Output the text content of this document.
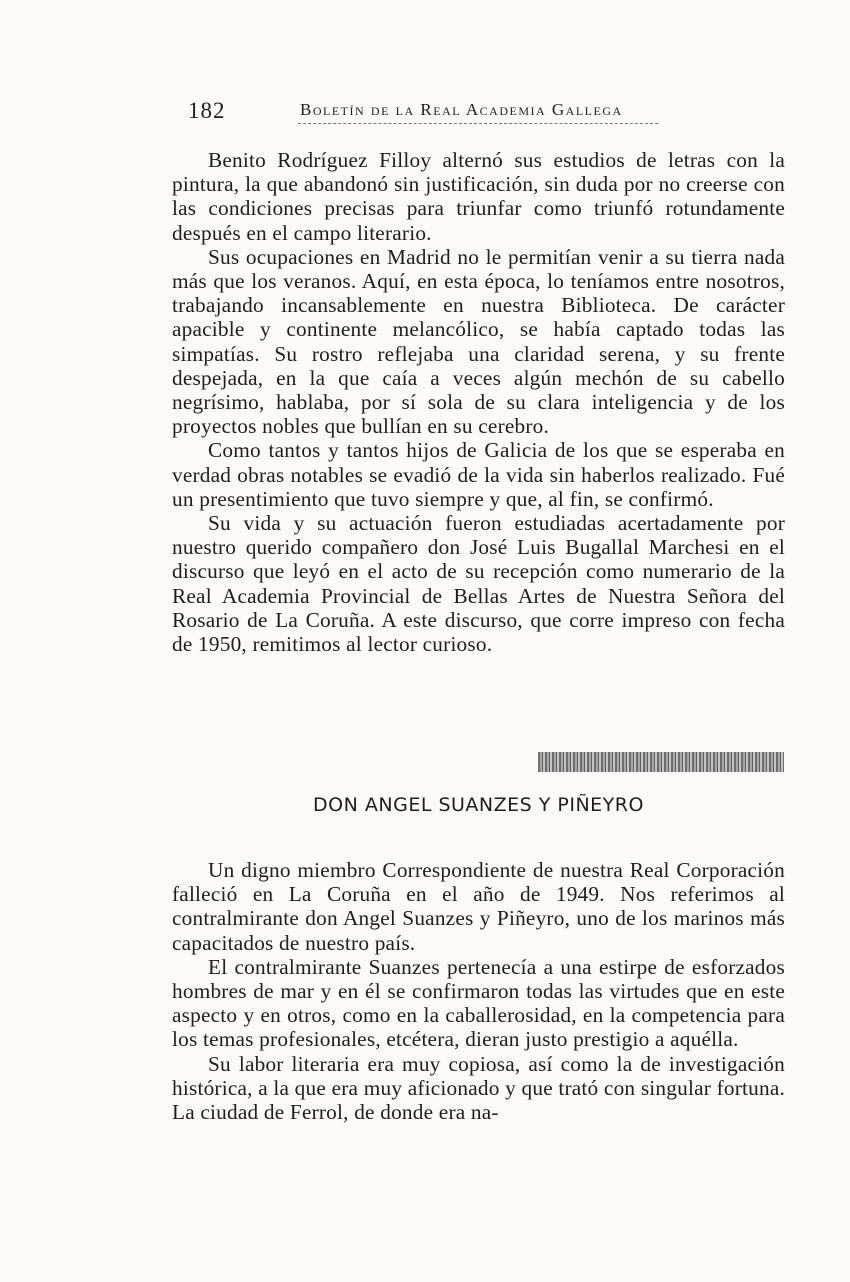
182	Boletín de la Real Academia Gallega

Benito Rodríguez Filloy alternó sus estudios de letras con la pintura, la que abandonó sin justificación, sin duda por no creerse con las condiciones precisas para triunfar como triunfó rotundamente después en el campo literario.

Sus ocupaciones en Madrid no le permitían venir a su tierra nada más que los veranos. Aquí, en esta época, lo teníamos entre nosotros, trabajando incansablemente en nuestra Biblioteca. De carácter apacible y continente melancólico, se había captado todas las simpatías. Su rostro reflejaba una claridad serena, y su frente despejada, en la que caía a veces algún mechón de su cabello negrísimo, hablaba, por sí sola de su clara inteligencia y de los proyectos nobles que bullían en su cerebro.

Como tantos y tantos hijos de Galicia de los que se esperaba en verdad obras notables se evadió de la vida sin haberlos realizado. Fué un presentimiento que tuvo siempre y que, al fin, se confirmó.

Su vida y su actuación fueron estudiadas acertadamente por nuestro querido compañero don José Luis Bugallal Marchesi en el discurso que leyó en el acto de su recepción como numerario de la Real Academia Provincial de Bellas Artes de Nuestra Señora del Rosario de La Coruña. A este discurso, que corre impreso con fecha de 1950, remitimos al lector curioso.

DON ANGEL SUANZES Y PIÑEYRO

Un digno miembro Correspondiente de nuestra Real Corporación falleció en La Coruña en el año de 1949. Nos referimos al contralmirante don Angel Suanzes y Piñeyro, uno de los marinos más capacitados de nuestro país.

El contralmirante Suanzes pertenecía a una estirpe de esforzados hombres de mar y en él se confirmaron todas las virtudes que en este aspecto y en otros, como en la caballerosidad, en la competencia para los temas profesionales, etcétera, dieran justo prestigio a aquélla.

Su labor literaria era muy copiosa, así como la de investigación histórica, a la que era muy aficionado y que trató con singular fortuna. La ciudad de Ferrol, de donde era na-
